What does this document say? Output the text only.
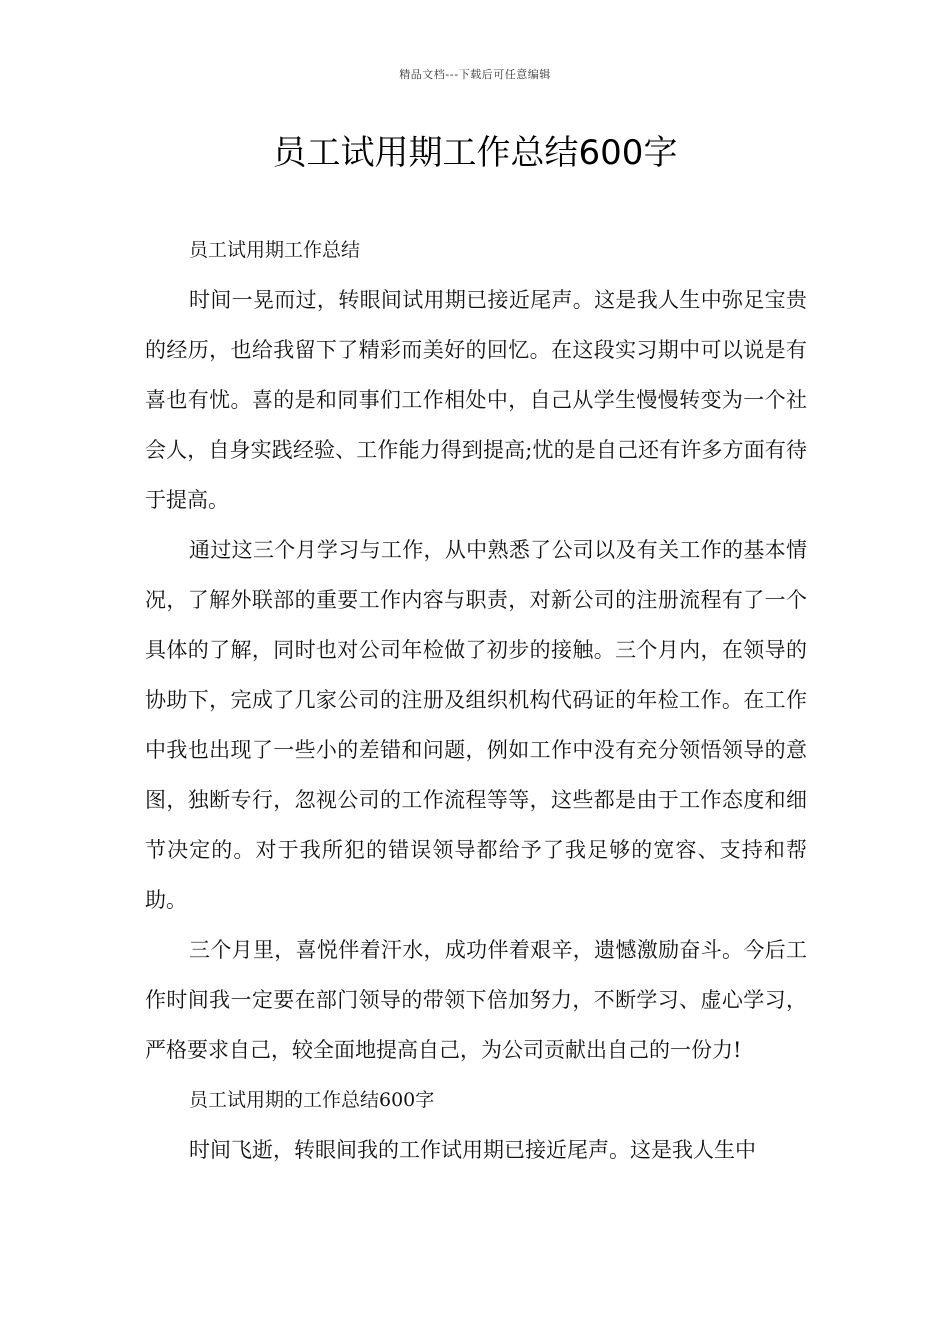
精品文档---下载后可任意编辑
员工试用期工作总结600字

员工试用期工作总结

时间一晃而过，转眼间试用期已接近尾声。这是我人生中弥足宝贵的经历，也给我留下了精彩而美好的回忆。在这段实习期中可以说是有喜也有忧。喜的是和同事们工作相处中，自己从学生慢慢转变为一个社会人，自身实践经验、工作能力得到提高;忧的是自己还有许多方面有待于提高。

通过这三个月学习与工作，从中熟悉了公司以及有关工作的基本情况，了解外联部的重要工作内容与职责，对新公司的注册流程有了一个具体的了解，同时也对公司年检做了初步的接触。三个月内，在领导的协助下，完成了几家公司的注册及组织机构代码证的年检工作。在工作中我也出现了一些小的差错和问题，例如工作中没有充分领悟领导的意图，独断专行，忽视公司的工作流程等等，这些都是由于工作态度和细节决定的。对于我所犯的错误领导都给予了我足够的宽容、支持和帮助。

三个月里，喜悦伴着汗水，成功伴着艰辛，遗憾激励奋斗。今后工作时间我一定要在部门领导的带领下倍加努力，不断学习、虚心学习，严格要求自己，较全面地提高自己，为公司贡献出自己的一份力!

员工试用期的工作总结600字

时间飞逝，转眼间我的工作试用期已接近尾声。这是我人生中
